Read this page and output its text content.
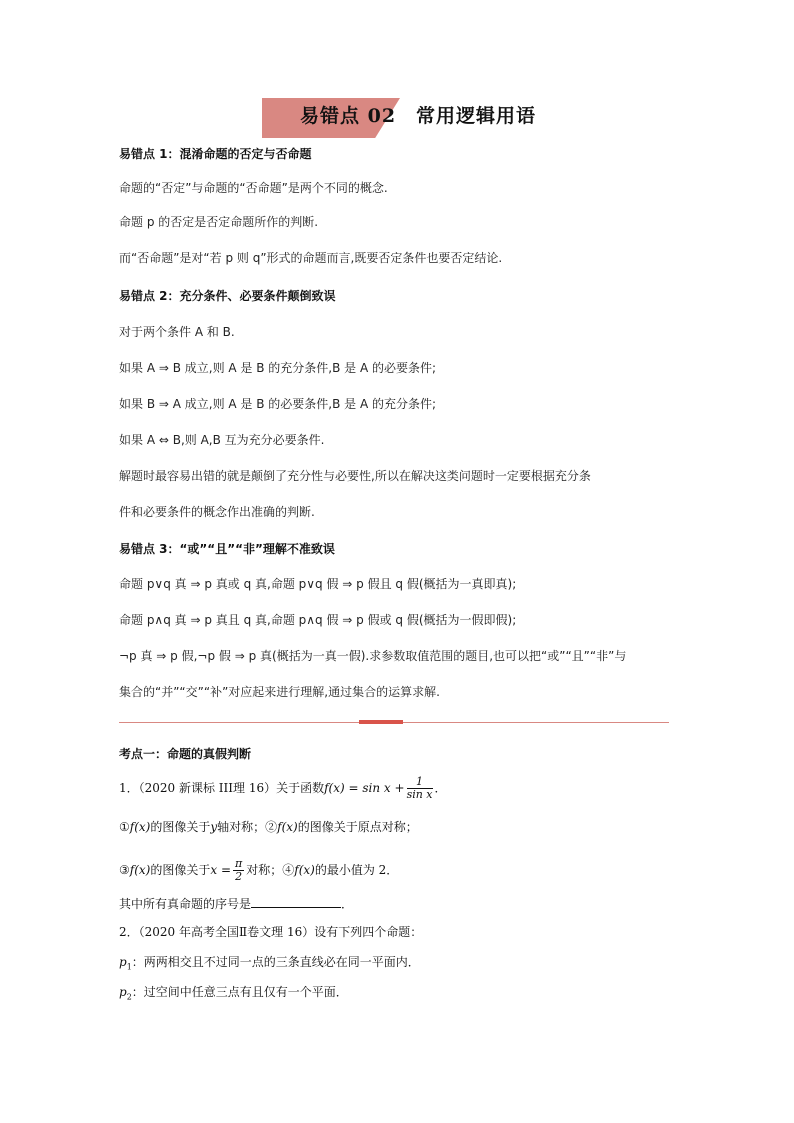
易错点 02　常用逻辑用语
易错点 1：混淆命题的否定与否命题
命题的“否定”与命题的“否命题”是两个不同的概念.
命题 p 的否定是否定命题所作的判断.
而“否命题”是对“若 p 则 q”形式的命题而言,既要否定条件也要否定结论.
易错点 2：充分条件、必要条件颠倒致误
对于两个条件 A 和 B.
如果 A ⇒ B 成立,则 A 是 B 的充分条件,B 是 A 的必要条件;
如果 B ⇒ A 成立,则 A 是 B 的必要条件,B 是 A 的充分条件;
如果 A ⇔ B,则 A,B 互为充分必要条件.
解题时最容易出错的就是颠倒了充分性与必要性,所以在解决这类问题时一定要根据充分条
件和必要条件的概念作出准确的判断.
易错点 3：“或”“且”“非”理解不准致误
命题 p∨q 真 ⇒ p 真或 q 真,命题 p∨q 假 ⇒ p 假且 q 假(概括为一真即真);
命题 p∧q 真 ⇒ p 真且 q 真,命题 p∧q 假 ⇒ p 假或 q 假(概括为一假即假);
¬p 真 ⇒ p 假,¬p 假 ⇒ p 真(概括为一真一假).求参数取值范围的题目,也可以把“或”“且”“非”与
集合的“并”“交”“补”对应起来进行理解,通过集合的运算求解.
考点一：命题的真假判断
1．（2020 新课标 III理 16）关于函数$f(x) = \sin x + \frac{1}{\text{sin x}}$ ．
①f(x)的图像关于y轴对称；②f(x)的图像关于原点对称；
③f(x)的图像关于$x = \frac{\pi}{2}$ 对称；④f(x)的最小值为 2．
其中所有真命题的序号是	．
2．（2020 年高考全国Ⅱ卷文理 16）设有下列四个命题：
$p_1$：两两相交且不过同一点的三条直线必在同一平面内．
$p_2$：过空间中任意三点有且仅有一个平面．
